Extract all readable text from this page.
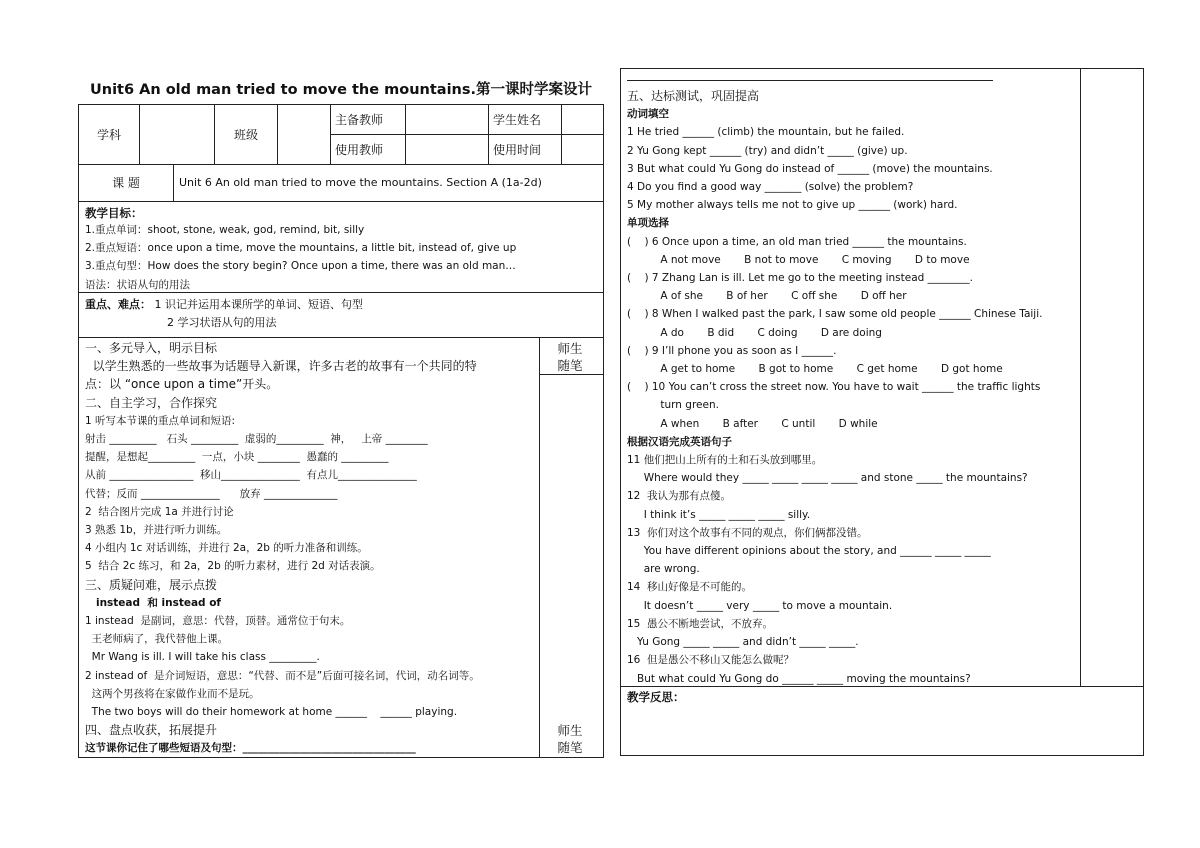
Unit6 An old man tried to move the mountains.第一课时学案设计
学科		班级		主备教师		学生姓名	
				使用教师		使用时间	
课 题	Unit 6 An old man tried to move the mountains. Section A (1a-2d)
教学目标：
1.重点单词：shoot, stone, weak, god, remind, bit, silly
2.重点短语：once upon a time, move the mountains, a little bit, instead of, give up
3.重点句型：How does the story begin? Once upon a time, there was an old man…
语法：状语从句的用法
重点、难点： 1 识记并运用本课所学的单词、短语、句型
2 学习状语从句的用法
师生随笔
师生随笔
一、多元导入，明示目标
以学生熟悉的一些故事为话题导入新课，许多古老的故事有一个共同的特
点：以 “once upon a time”开头。
二、自主学习，合作探究
1 听写本节课的重点单词和短语:
射击 _________   石头 _________  虚弱的_________  神，   上帝 ________
提醒，是想起_________  一点，小块 ________  愚蠢的 _________
从前 ________________  移山_______________  有点儿_______________
代替；反而 _______________      放弃 ______________
2  结合图片完成 1a 并进行讨论
3 熟悉 1b，并进行听力训练。
4 小组内 1c 对话训练，并进行 2a，2b 的听力准备和训练。
5  结合 2c 练习，和 2a，2b 的听力素材，进行 2d 对话表演。
三、质疑问难，展示点拨
instead  和 instead of
1 instead  是副词，意思：代替，顶替。通常位于句末。
王老师病了，我代替他上课。
Mr Wang is ill. I will take his class _________.
2 instead of  是介词短语，意思：“代替、而不是”后面可接名词，代词，动名词等。
这两个男孩将在家做作业而不是玩。
The two boys will do their homework at home ______    ______ playing.
四、盘点收获，拓展提升
这节课你记住了哪些短语及句型：_________________________________
五、达标测试，巩固提高
动词填空
1 He tried ______ (climb) the mountain, but he failed.
2 Yu Gong kept ______ (try) and didn’t _____ (give) up.
3 But what could Yu Gong do instead of ______ (move) the mountains.
4 Do you find a good way _______ (solve) the problem?
5 My mother always tells me not to give up ______ (work) hard.
单项选择
(    ) 6 Once upon a time, an old man tried ______ the mountains.
A not move       B not to move       C moving       D to move
(    ) 7 Zhang Lan is ill. Let me go to the meeting instead ________.
A of she       B of her       C off she       D off her
(    ) 8 When I walked past the park, I saw some old people ______ Chinese Taiji.
A do       B did       C doing       D are doing
(    ) 9 I’ll phone you as soon as I ______.
A get to home       B got to home       C get home       D got home
(    ) 10 You can’t cross the street now. You have to wait ______ the traffic lights
turn green.
A when       B after       C until       D while
根据汉语完成英语句子
11 他们把山上所有的土和石头放到哪里。
Where would they _____ _____ _____ _____ and stone _____ the mountains?
12  我认为那有点傻。
I think it’s _____ _____ _____ silly.
13  你们对这个故事有不同的观点，你们俩都没错。
You have different opinions about the story, and ______ _____ _____
are wrong.
14  移山好像是不可能的。
It doesn’t _____ very _____ to move a mountain.
15  愚公不断地尝试，不放弃。
Yu Gong _____ _____ and didn’t _____ _____.
16  但是愚公不移山又能怎么做呢？
But what could Yu Gong do ______ _____ moving the mountains?
教学反思：
